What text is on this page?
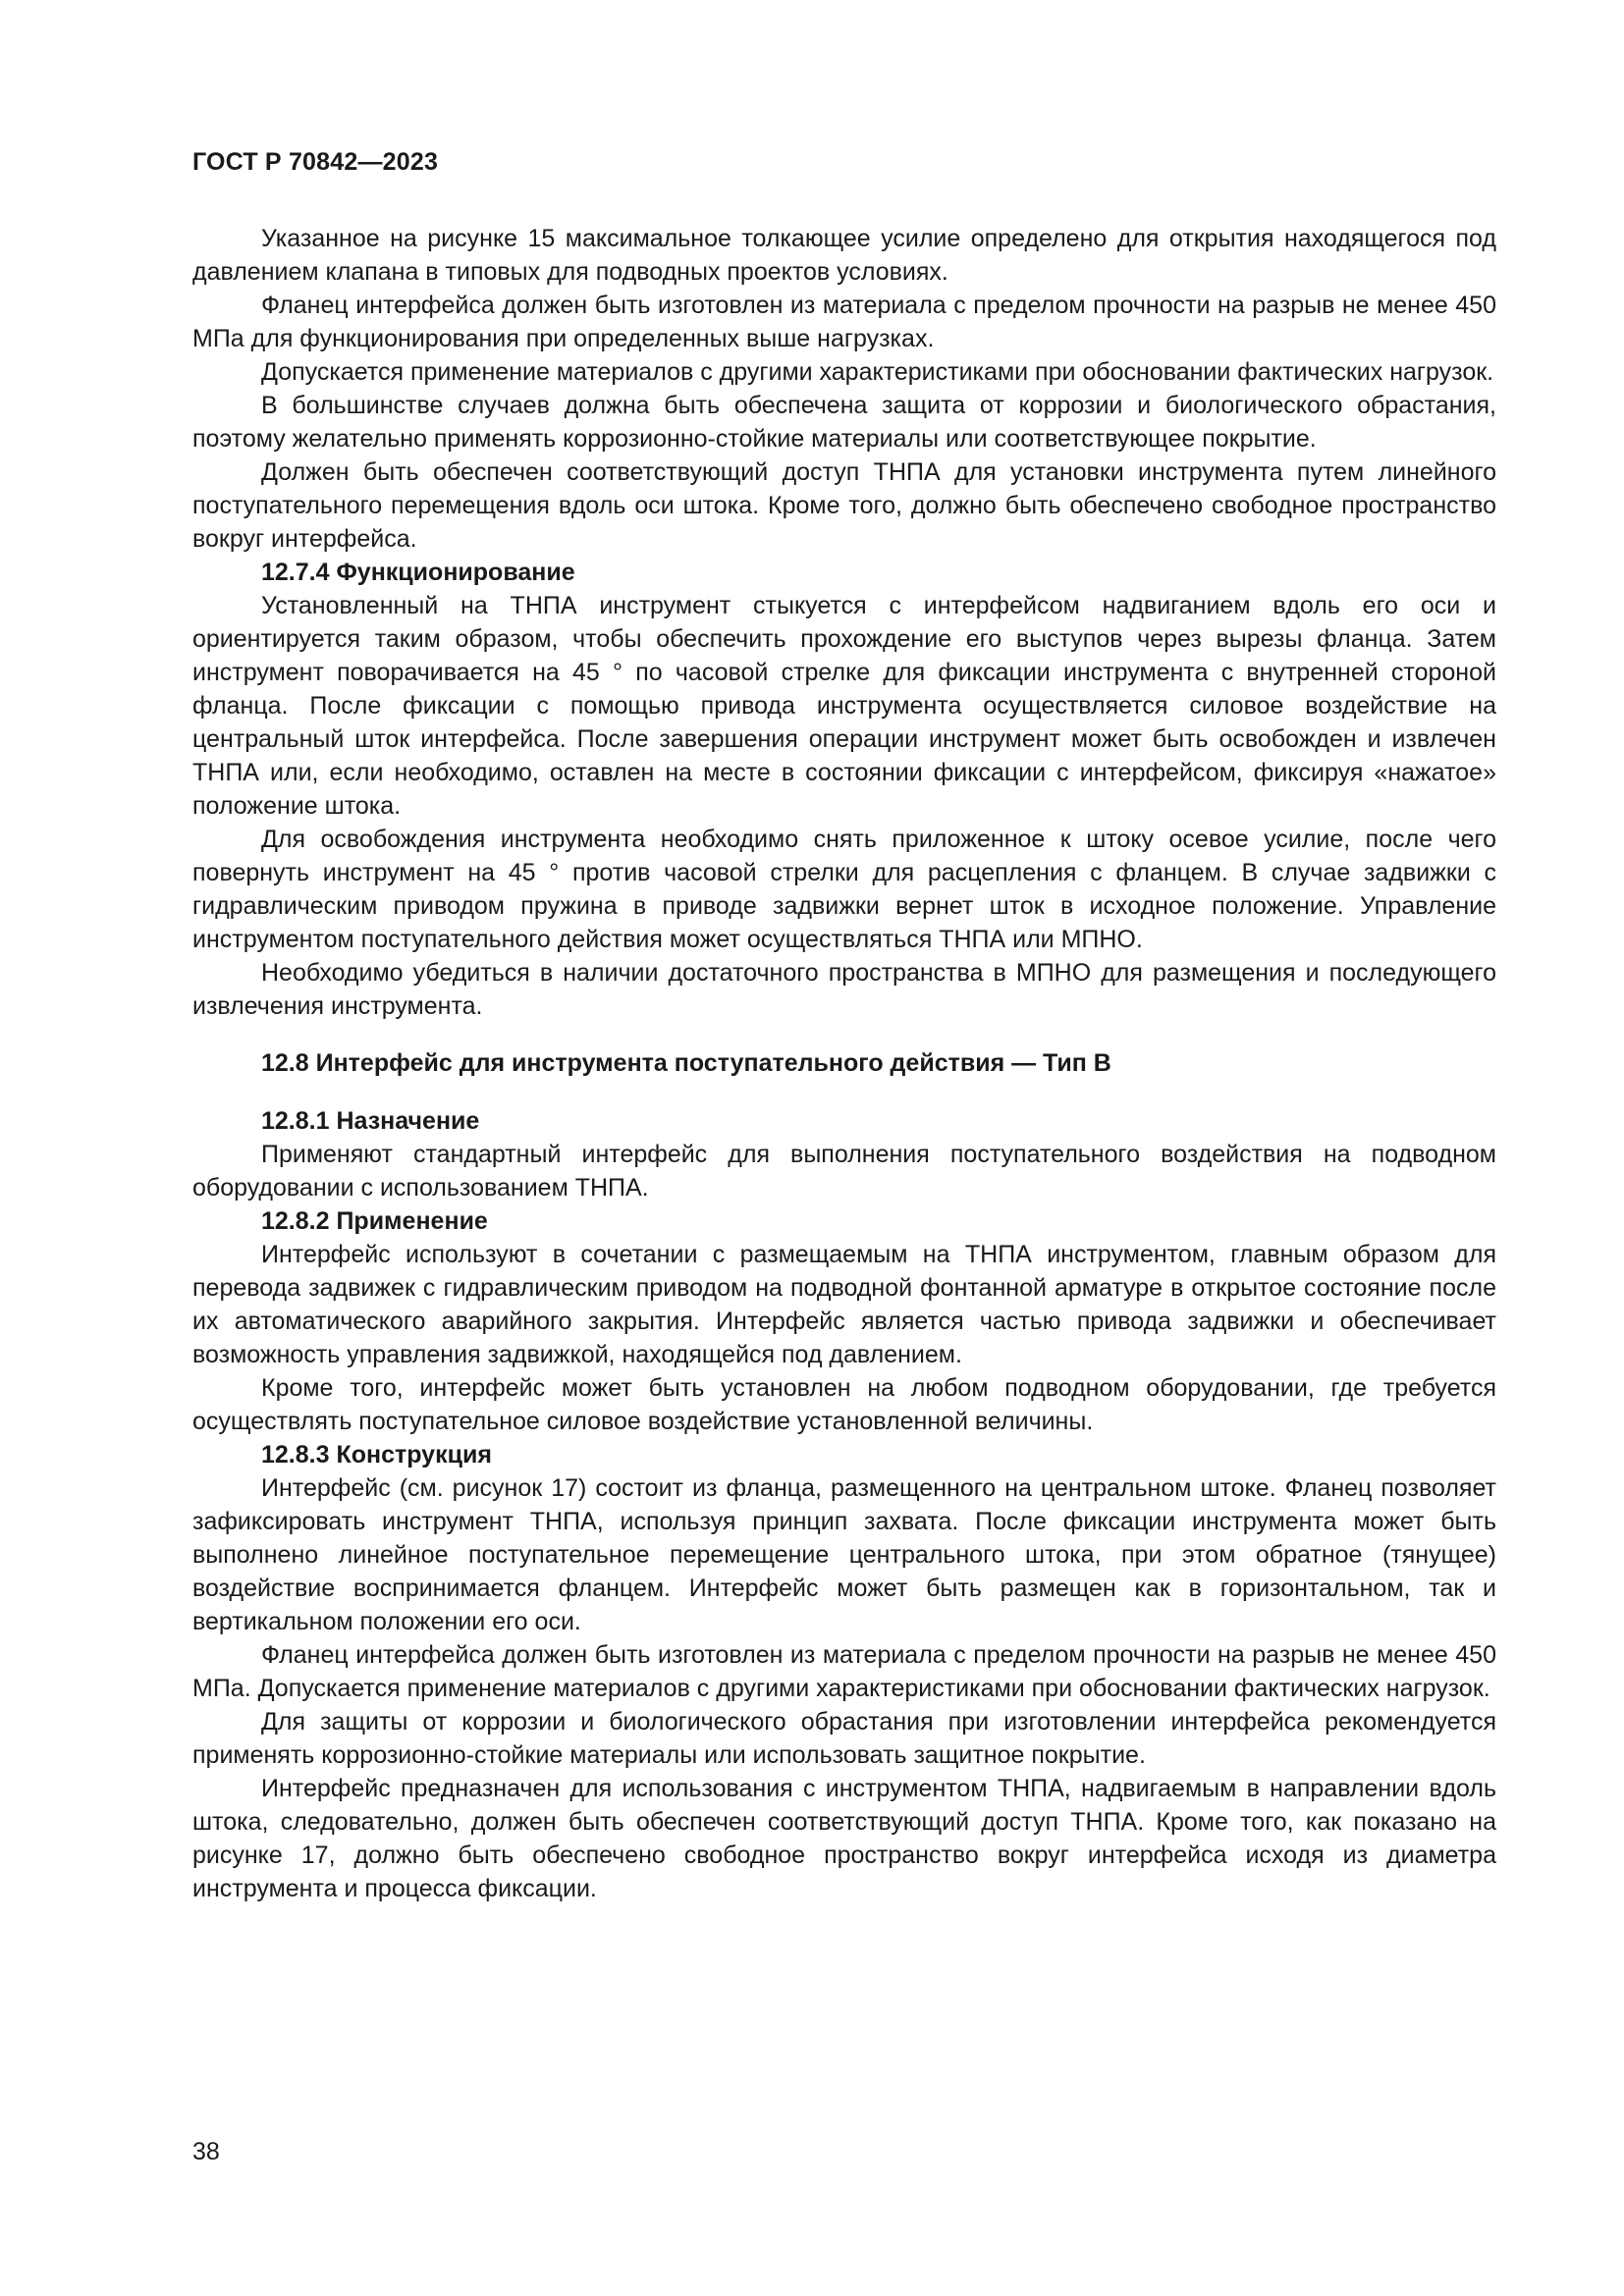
ГОСТ Р 70842—2023

Указанное на рисунке 15 максимальное толкающее усилие определено для открытия находящегося под давлением клапана в типовых для подводных проектов условиях.

Фланец интерфейса должен быть изготовлен из материала с пределом прочности на разрыв не менее 450 МПа для функционирования при определенных выше нагрузках.

Допускается применение материалов с другими характеристиками при обосновании фактических нагрузок.

В большинстве случаев должна быть обеспечена защита от коррозии и биологического обрастания, поэтому желательно применять коррозионно-стойкие материалы или соответствующее покрытие.

Должен быть обеспечен соответствующий доступ ТНПА для установки инструмента путем линейного поступательного перемещения вдоль оси штока. Кроме того, должно быть обеспечено свободное пространство вокруг интерфейса.

12.7.4 Функционирование

Установленный на ТНПА инструмент стыкуется с интерфейсом надвиганием вдоль его оси и ориентируется таким образом, чтобы обеспечить прохождение его выступов через вырезы фланца. Затем инструмент поворачивается на 45 ° по часовой стрелке для фиксации инструмента с внутренней стороной фланца. После фиксации с помощью привода инструмента осуществляется силовое воздействие на центральный шток интерфейса. После завершения операции инструмент может быть освобожден и извлечен ТНПА или, если необходимо, оставлен на месте в состоянии фиксации с интерфейсом, фиксируя «нажатое» положение штока.

Для освобождения инструмента необходимо снять приложенное к штоку осевое усилие, после чего повернуть инструмент на 45 ° против часовой стрелки для расцепления с фланцем. В случае задвижки с гидравлическим приводом пружина в приводе задвижки вернет шток в исходное положение. Управление инструментом поступательного действия может осуществляться ТНПА или МПНО.

Необходимо убедиться в наличии достаточного пространства в МПНО для размещения и последующего извлечения инструмента.

12.8 Интерфейс для инструмента поступательного действия — Тип В
12.8.1 Назначение

Применяют стандартный интерфейс для выполнения поступательного воздействия на подводном оборудовании с использованием ТНПА.

12.8.2 Применение

Интерфейс используют в сочетании с размещаемым на ТНПА инструментом, главным образом для перевода задвижек с гидравлическим приводом на подводной фонтанной арматуре в открытое состояние после их автоматического аварийного закрытия. Интерфейс является частью привода задвижки и обеспечивает возможность управления задвижкой, находящейся под давлением.

Кроме того, интерфейс может быть установлен на любом подводном оборудовании, где требуется осуществлять поступательное силовое воздействие установленной величины.

12.8.3 Конструкция

Интерфейс (см. рисунок 17) состоит из фланца, размещенного на центральном штоке. Фланец позволяет зафиксировать инструмент ТНПА, используя принцип захвата. После фиксации инструмента может быть выполнено линейное поступательное перемещение центрального штока, при этом обратное (тянущее) воздействие воспринимается фланцем. Интерфейс может быть размещен как в горизонтальном, так и вертикальном положении его оси.

Фланец интерфейса должен быть изготовлен из материала с пределом прочности на разрыв не менее 450 МПа. Допускается применение материалов с другими характеристиками при обосновании фактических нагрузок.

Для защиты от коррозии и биологического обрастания при изготовлении интерфейса рекомендуется применять коррозионно-стойкие материалы или использовать защитное покрытие.

Интерфейс предназначен для использования с инструментом ТНПА, надвигаемым в направлении вдоль штока, следовательно, должен быть обеспечен соответствующий доступ ТНПА. Кроме того, как показано на рисунке 17, должно быть обеспечено свободное пространство вокруг интерфейса исходя из диаметра инструмента и процесса фиксации.

38
